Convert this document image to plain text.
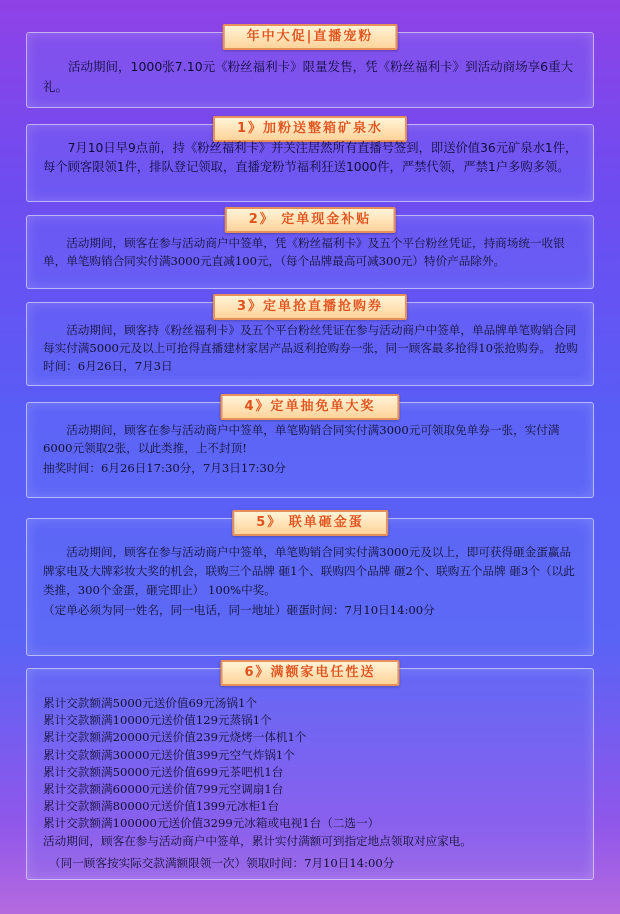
年中大促|直播宠粉
活动期间，1000张7.10元《粉丝福利卡》限量发售，凭《粉丝福利卡》到活动商场享6重大礼。
1》加粉送整箱矿泉水
7月10日早9点前，持《粉丝福利卡》并关注居然所有直播号签到，即送价值36元矿泉水1件，每个顾客限领1件，排队登记领取，直播宠粉节福利狂送1000件，严禁代领，严禁1户多购多领。
2》 定单现金补贴
活动期间，顾客在参与活动商户中签单，凭《粉丝福利卡》及五个平台粉丝凭证，持商场统一收银单，单笔购销合同实付满3000元直减100元，（每个品牌最高可减300元）特价产品除外。
3》定单抢直播抢购券
活动期间，顾客持《粉丝福利卡》及五个平台粉丝凭证在参与活动商户中签单，单品牌单笔购销合同每实付满5000元及以上可抢得直播建材家居产品返利抢购券一张，同一顾客最多抢得10张抢购券。 抢购时间：6月26日，7月3日
4》定单抽免单大奖
活动期间，顾客在参与活动商户中签单，单笔购销合同实付满3000元可领取免单券一张，实付满6000元领取2张，以此类推，上不封顶!
抽奖时间：6月26日17:30分，7月3日17:30分
5》 联单砸金蛋
活动期间，顾客在参与活动商户中签单，单笔购销合同实付满3000元及以上，即可获得砸金蛋赢品牌家电及大牌彩妆大奖的机会，联购三个品牌 砸1个、联购四个品牌 砸2个、联购五个品牌 砸3个（以此类推，300个金蛋，砸完即止） 100%中奖。
（定单必须为同一姓名，同一电话，同一地址）砸蛋时间：7月10日14:00分
6》满额家电任性送
累计交款额满5000元送价值69元汤锅1个
累计交款额满10000元送价值129元蒸锅1个
累计交款额满20000元送价值239元烧烤一体机1个
累计交款额满30000元送价值399元空气炸锅1个
累计交款额满50000元送价值699元茶吧机1台
累计交款额满60000元送价值799元空调扇1台
累计交款额满80000元送价值1399元冰柜1台
累计交款额满100000元送价值3299元冰箱或电视1台（二选一）
活动期间，顾客在参与活动商户中签单，累计实付满额可到指定地点领取对应家电。
（同一顾客按实际交款满额限领一次）领取时间：7月10日14:00分
